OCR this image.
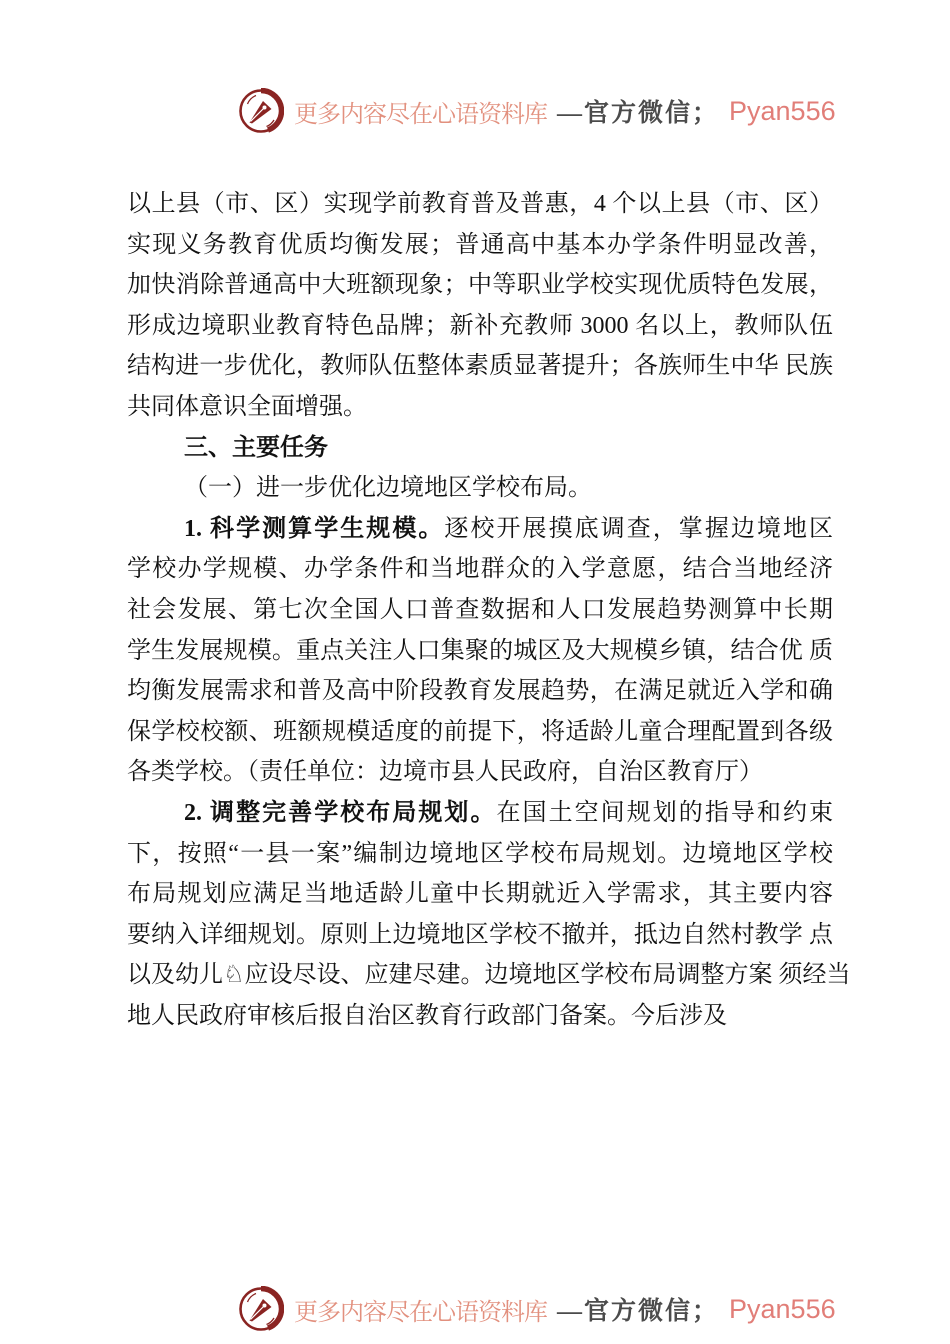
更多内容尽在心语资料库 —官方微信； Pyan556
以上县（市、区）实现学前教育普及普惠，4 个以上县（市、区）
实现义务教育优质均衡发展；普通高中基本办学条件明显改善，
加快消除普通高中大班额现象；中等职业学校实现优质特色发展，
形成边境职业教育特色品牌；新补充教师 3000 名以上，教师队伍
结构进一步优化，教师队伍整体素质显著提升；各族师生中华 民族
共同体意识全面增强。
三、主要任务
（一）进一步优化边境地区学校布局。
1. 科学测算学生规模。逐校开展摸底调查，掌握边境地区
学校办学规模、办学条件和当地群众的入学意愿，结合当地经济
社会发展、第七次全国人口普查数据和人口发展趋势测算中长期
学生发展规模。重点关注人口集聚的城区及大规模乡镇，结合优 质
均衡发展需求和普及高中阶段教育发展趋势，在满足就近入学和确
保学校校额、班额规模适度的前提下，将适龄儿童合理配置到各级
各类学校。（责任单位：边境市县人民政府，自治区教育厅）
2. 调整完善学校布局规划。在国土空间规划的指导和约束
下，按照“一县一案”编制边境地区学校布局规划。边境地区学校
布局规划应满足当地适龄儿童中长期就近入学需求，其主要内容
要纳入详细规划。原则上边境地区学校不撤并，抵边自然村教学 点
以及幼儿♘应设尽设、应建尽建。边境地区学校布局调整方案 须经当
地人民政府审核后报自治区教育行政部门备案。今后涉及
更多内容尽在心语资料库 —官方微信； Pyan556
